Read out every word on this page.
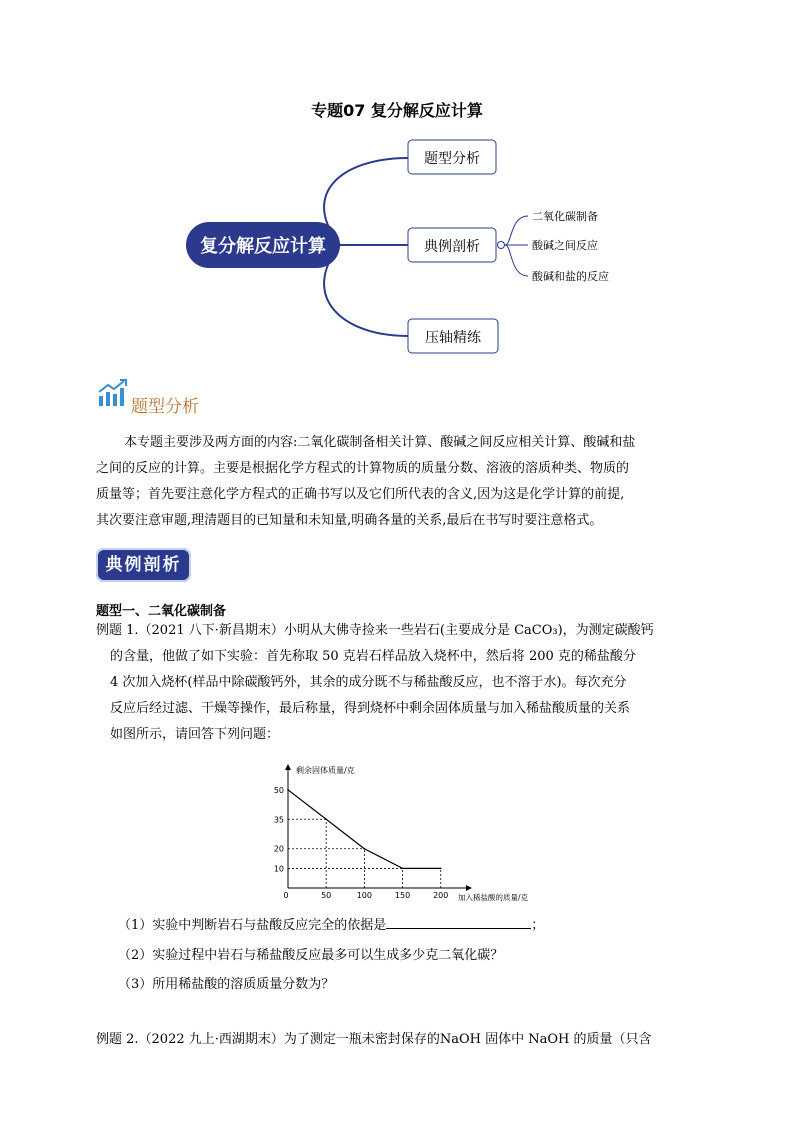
专题07 复分解反应计算
复分解反应计算
题型分析
典例剖析
压轴精练
二氧化碳制备
酸碱之间反应
酸碱和盐的反应
题型分析

本专题主要涉及两方面的内容:二氧化碳制备相关计算、酸碱之间反应相关计算、酸碱和盐

之间的反应的计算。主要是根据化学方程式的计算物质的质量分数、溶液的溶质种类、物质的
质量等；首先要注意化学方程式的正确书写以及它们所代表的含义,因为这是化学计算的前提,
其次要注意审题,理清题目的已知量和未知量,明确各量的关系,最后在书写时要注意格式。
典例剖析
题型一、二氧化碳制备
例题 1.（2021 八下·新昌期末）小明从大佛寺捡来一些岩石(主要成分是 CaCO₃)，为测定碳酸钙
的含量，他做了如下实验：首先称取 50 克岩石样品放入烧杯中，然后将 200 克的稀盐酸分
4 次加入烧杯(样品中除碳酸钙外，其余的成分既不与稀盐酸反应，也不溶于水)。每次充分
反应后经过滤、干燥等操作，最后称量，得到烧杯中剩余固体质量与加入稀盐酸质量的关系
如图所示，请回答下列问题：
50	100	150	200
50
35
20
10
0
剩余固体质量/克
加入稀盐酸的质量/克
（1）实验中判断岩石与盐酸反应完全的依据是	；
（2）实验过程中岩石与稀盐酸反应最多可以生成多少克二氧化碳？
（3）所用稀盐酸的溶质质量分数为？
例题 2.（2022 九上·西湖期末）为了测定一瓶未密封保存的NaOH 固体中 NaOH 的质量（只含
